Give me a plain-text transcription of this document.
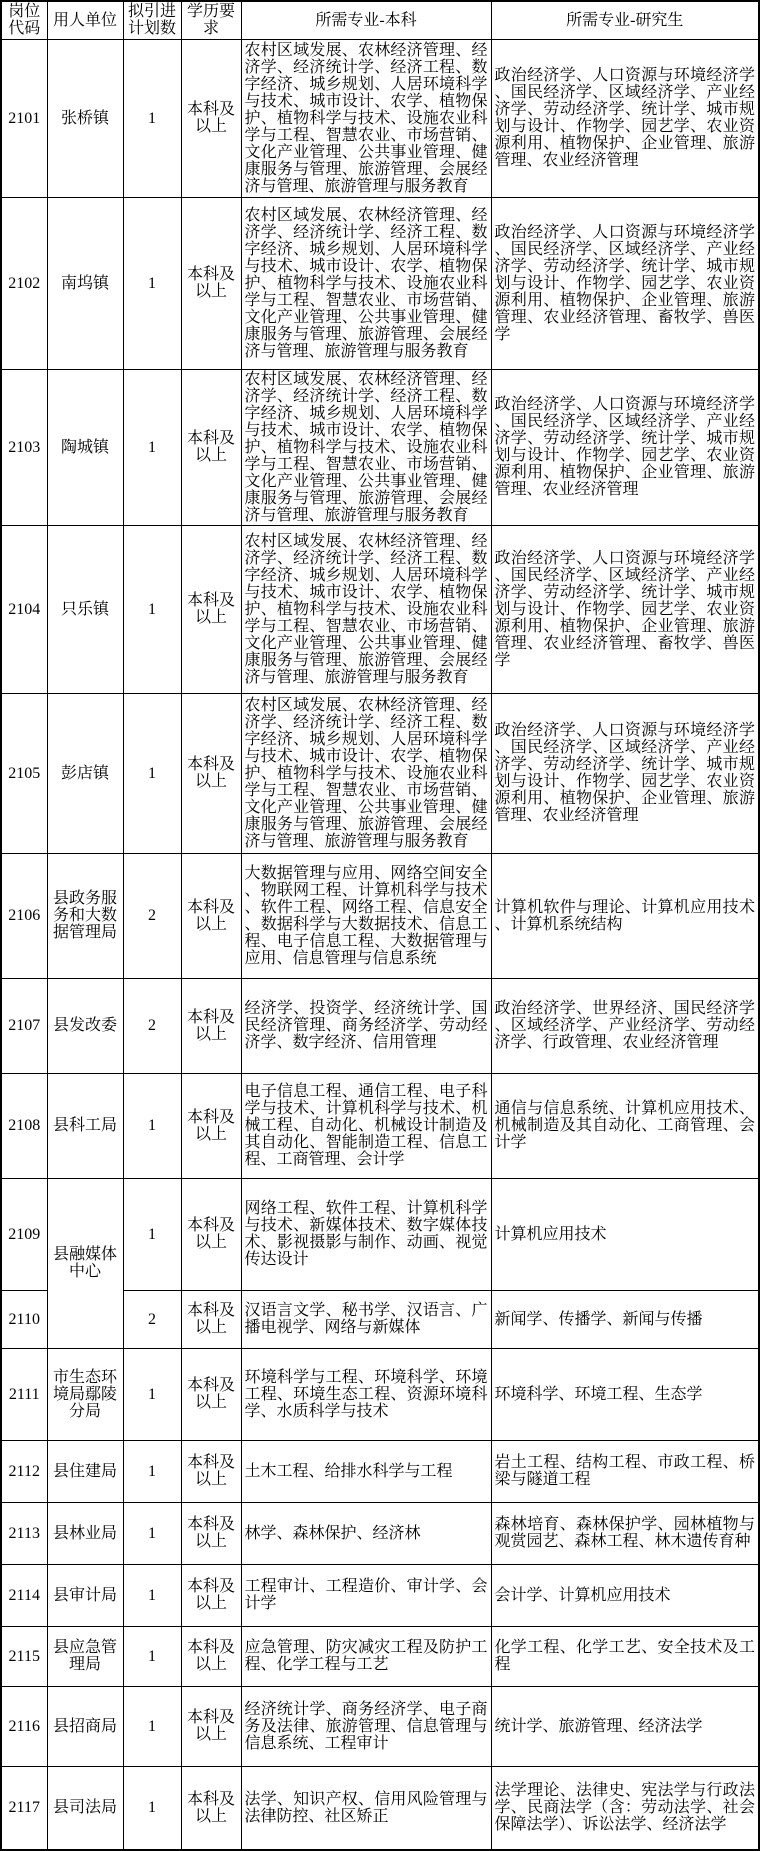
岗位代码	用人单位	拟引进计划数	学历要求	所需专业-本科	所需专业-研究生
2101	张桥镇	1	本科及以上	农村区域发展、农林经济管理、经济学、经济统计学、经济工程、数字经济、城乡规划、人居环境科学与技术、城市设计、农学、植物保护、植物科学与技术、设施农业科学与工程、智慧农业、市场营销、文化产业管理、公共事业管理、健康服务与管理、旅游管理、会展经济与管理、旅游管理与服务教育	政治经济学、人口资源与环境经济学、国民经济学、区域经济学、产业经济学、劳动经济学、统计学、城市规划与设计、作物学、园艺学、农业资源利用、植物保护、企业管理、旅游管理、农业经济管理
2102	南坞镇	1	本科及以上	农村区域发展、农林经济管理、经济学、经济统计学、经济工程、数字经济、城乡规划、人居环境科学与技术、城市设计、农学、植物保护、植物科学与技术、设施农业科学与工程、智慧农业、市场营销、文化产业管理、公共事业管理、健康服务与管理、旅游管理、会展经济与管理、旅游管理与服务教育	政治经济学、人口资源与环境经济学、国民经济学、区域经济学、产业经济学、劳动经济学、统计学、城市规划与设计、作物学、园艺学、农业资源利用、植物保护、企业管理、旅游管理、农业经济管理、畜牧学、兽医学
2103	陶城镇	1	本科及以上	农村区域发展、农林经济管理、经济学、经济统计学、经济工程、数字经济、城乡规划、人居环境科学与技术、城市设计、农学、植物保护、植物科学与技术、设施农业科学与工程、智慧农业、市场营销、文化产业管理、公共事业管理、健康服务与管理、旅游管理、会展经济与管理、旅游管理与服务教育	政治经济学、人口资源与环境经济学、国民经济学、区域经济学、产业经济学、劳动经济学、统计学、城市规划与设计、作物学、园艺学、农业资源利用、植物保护、企业管理、旅游管理、农业经济管理
2104	只乐镇	1	本科及以上	农村区域发展、农林经济管理、经济学、经济统计学、经济工程、数字经济、城乡规划、人居环境科学与技术、城市设计、农学、植物保护、植物科学与技术、设施农业科学与工程、智慧农业、市场营销、文化产业管理、公共事业管理、健康服务与管理、旅游管理、会展经济与管理、旅游管理与服务教育	政治经济学、人口资源与环境经济学、国民经济学、区域经济学、产业经济学、劳动经济学、统计学、城市规划与设计、作物学、园艺学、农业资源利用、植物保护、企业管理、旅游管理、农业经济管理、畜牧学、兽医学
2105	彭店镇	1	本科及以上	农村区域发展、农林经济管理、经济学、经济统计学、经济工程、数字经济、城乡规划、人居环境科学与技术、城市设计、农学、植物保护、植物科学与技术、设施农业科学与工程、智慧农业、市场营销、文化产业管理、公共事业管理、健康服务与管理、旅游管理、会展经济与管理、旅游管理与服务教育	政治经济学、人口资源与环境经济学、国民经济学、区域经济学、产业经济学、劳动经济学、统计学、城市规划与设计、作物学、园艺学、农业资源利用、植物保护、企业管理、旅游管理、农业经济管理
2106	县政务服务和大数据管理局	2	本科及以上	大数据管理与应用、网络空间安全、物联网工程、计算机科学与技术、软件工程、网络工程、信息安全、数据科学与大数据技术、信息工程、电子信息工程、大数据管理与应用、信息管理与信息系统	计算机软件与理论、计算机应用技术、计算机系统结构
2107	县发改委	2	本科及以上	经济学、投资学、经济统计学、国民经济管理、商务经济学、劳动经济学、数字经济、信用管理	政治经济学、世界经济、国民经济学、区域经济学、产业经济学、劳动经济学、行政管理、农业经济管理
2108	县科工局	1	本科及以上	电子信息工程、通信工程、电子科学与技术、计算机科学与技术、机械工程、自动化、机械设计制造及其自动化、智能制造工程、信息工程、工商管理、会计学	通信与信息系统、计算机应用技术、机械制造及其自动化、工商管理、会计学
2109	县融媒体中心	1	本科及以上	网络工程、软件工程、计算机科学与技术、新媒体技术、数字媒体技术、影视摄影与制作、动画、视觉传达设计	计算机应用技术
2110		2	本科及以上	汉语言文学、秘书学、汉语言、广播电视学、网络与新媒体	新闻学、传播学、新闻与传播
2111	市生态环境局鄢陵分局	1	本科及以上	环境科学与工程、环境科学、环境工程、环境生态工程、资源环境科学、水质科学与技术	环境科学、环境工程、生态学
2112	县住建局	1	本科及以上	土木工程、给排水科学与工程	岩土工程、结构工程、市政工程、桥梁与隧道工程
2113	县林业局	1	本科及以上	林学、森林保护、经济林	森林培育、森林保护学、园林植物与观赏园艺、森林工程、林木遗传育种
2114	县审计局	1	本科及以上	工程审计、工程造价、审计学、会计学	会计学、计算机应用技术
2115	县应急管理局	1	本科及以上	应急管理、防灾减灾工程及防护工程、化学工程与工艺	化学工程、化学工艺、安全技术及工程
2116	县招商局	1	本科及以上	经济统计学、商务经济学、电子商务及法律、旅游管理、信息管理与信息系统、工程审计	统计学、旅游管理、经济法学
2117	县司法局	1	本科及以上	法学、知识产权、信用风险管理与法律防控、社区矫正	法学理论、法律史、宪法学与行政法学、民商法学（含：劳动法学、社会保障法学）、诉讼法学、经济法学
